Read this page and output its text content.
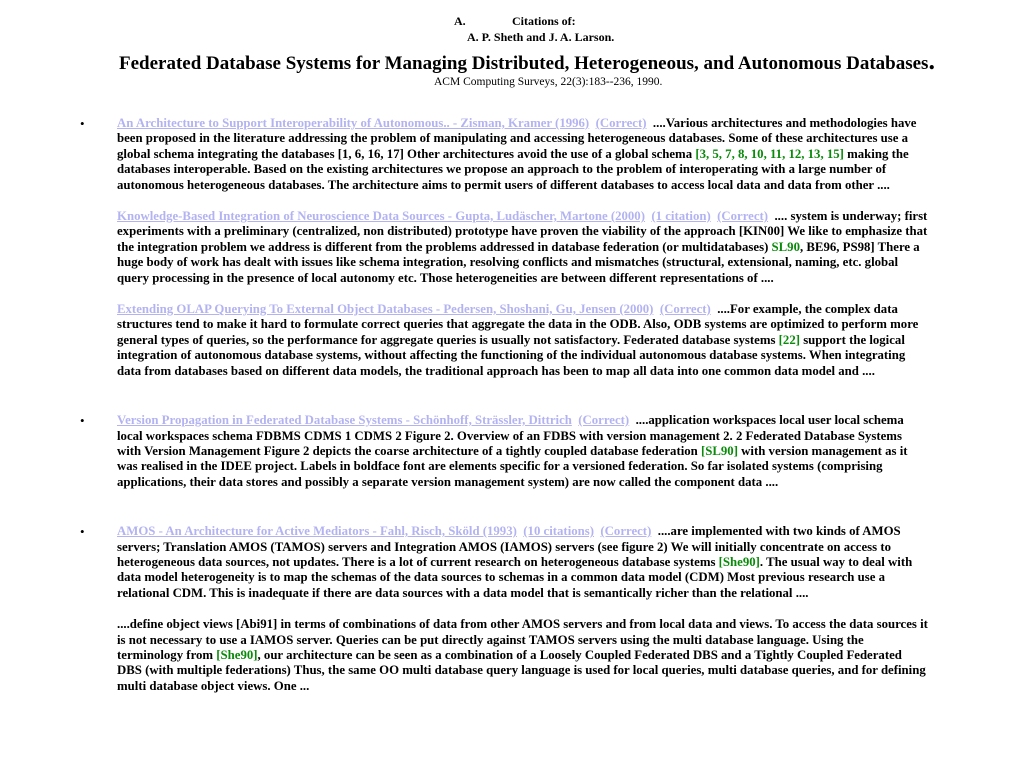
A.	Citations of:
A. P. Sheth and J. A. Larson.
Federated Database Systems for Managing Distributed, Heterogeneous, and Autonomous Databases.
ACM Computing Surveys, 22(3):183--236, 1990.
•	An Architecture to Support Interoperability of Autonomous.. - Zisman, Kramer (1996) (Correct) ....Various architectures and methodologies have been proposed in the literature addressing the problem of manipulating and accessing heterogeneous databases. Some of these architectures use a global schema integrating the databases [1, 6, 16, 17] Other architectures avoid the use of a global schema [3, 5, 7, 8, 10, 11, 12, 13, 15] making the databases interoperable. Based on the existing architectures we propose an approach to the problem of interoperating with a large number of autonomous heterogeneous databases. The architecture aims to permit users of different databases to access local data and data from other ....

Knowledge-Based Integration of Neuroscience Data Sources - Gupta, Ludäscher, Martone (2000) (1 citation) (Correct) .... system is underway; first experiments with a preliminary (centralized, non distributed) prototype have proven the viability of the approach [KIN00] We like to emphasize that the integration problem we address is different from the problems addressed in database federation (or multidatabases) SL90, BE96, PS98] There a huge body of work has dealt with issues like schema integration, resolving conflicts and mismatches (structural, extensional, naming, etc. global query processing in the presence of local autonomy etc. Those heterogeneities are between different representations of ....

Extending OLAP Querying To External Object Databases - Pedersen, Shoshani, Gu, Jensen (2000) (Correct) ....For example, the complex data structures tend to make it hard to formulate correct queries that aggregate the data in the ODB. Also, ODB systems are optimized to perform more general types of queries, so the performance for aggregate queries is usually not satisfactory. Federated database systems [22] support the logical integration of autonomous database systems, without affecting the functioning of the individual autonomous database systems. When integrating data from databases based on different data models, the traditional approach has been to map all data into one common data model and ....

•	Version Propagation in Federated Database Systems - Schönhoff, Strässler, Dittrich (Correct) ....application workspaces local user local schema local workspaces schema FDBMS CDMS 1 CDMS 2 Figure 2. Overview of an FDBS with version management 2. 2 Federated Database Systems with Version Management Figure 2 depicts the coarse architecture of a tightly coupled database federation [SL90] with version management as it was realised in the IDEE project. Labels in boldface font are elements specific for a versioned federation. So far isolated systems (comprising applications, their data stores and possibly a separate version management system) are now called the component data ....

•	AMOS - An Architecture for Active Mediators - Fahl, Risch, Sköld (1993) (10 citations) (Correct) ....are implemented with two kinds of AMOS servers; Translation AMOS (TAMOS) servers and Integration AMOS (IAMOS) servers (see figure 2) We will initially concentrate on access to heterogeneous data sources, not updates. There is a lot of current research on heterogeneous database systems [She90]. The usual way to deal with data model heterogeneity is to map the schemas of the data sources to schemas in a common data model (CDM) Most previous research use a relational CDM. This is inadequate if there are data sources with a data model that is semantically richer than the relational ....

....define object views [Abi91] in terms of combinations of data from other AMOS servers and from local data and views. To access the data sources it is not necessary to use a IAMOS server. Queries can be put directly against TAMOS servers using the multi database language. Using the terminology from [She90], our architecture can be seen as a combination of a Loosely Coupled Federated DBS and a Tightly Coupled Federated DBS (with multiple federations) Thus, the same OO multi database query language is used for local queries, multi database queries, and for defining multi database object views. One ...
